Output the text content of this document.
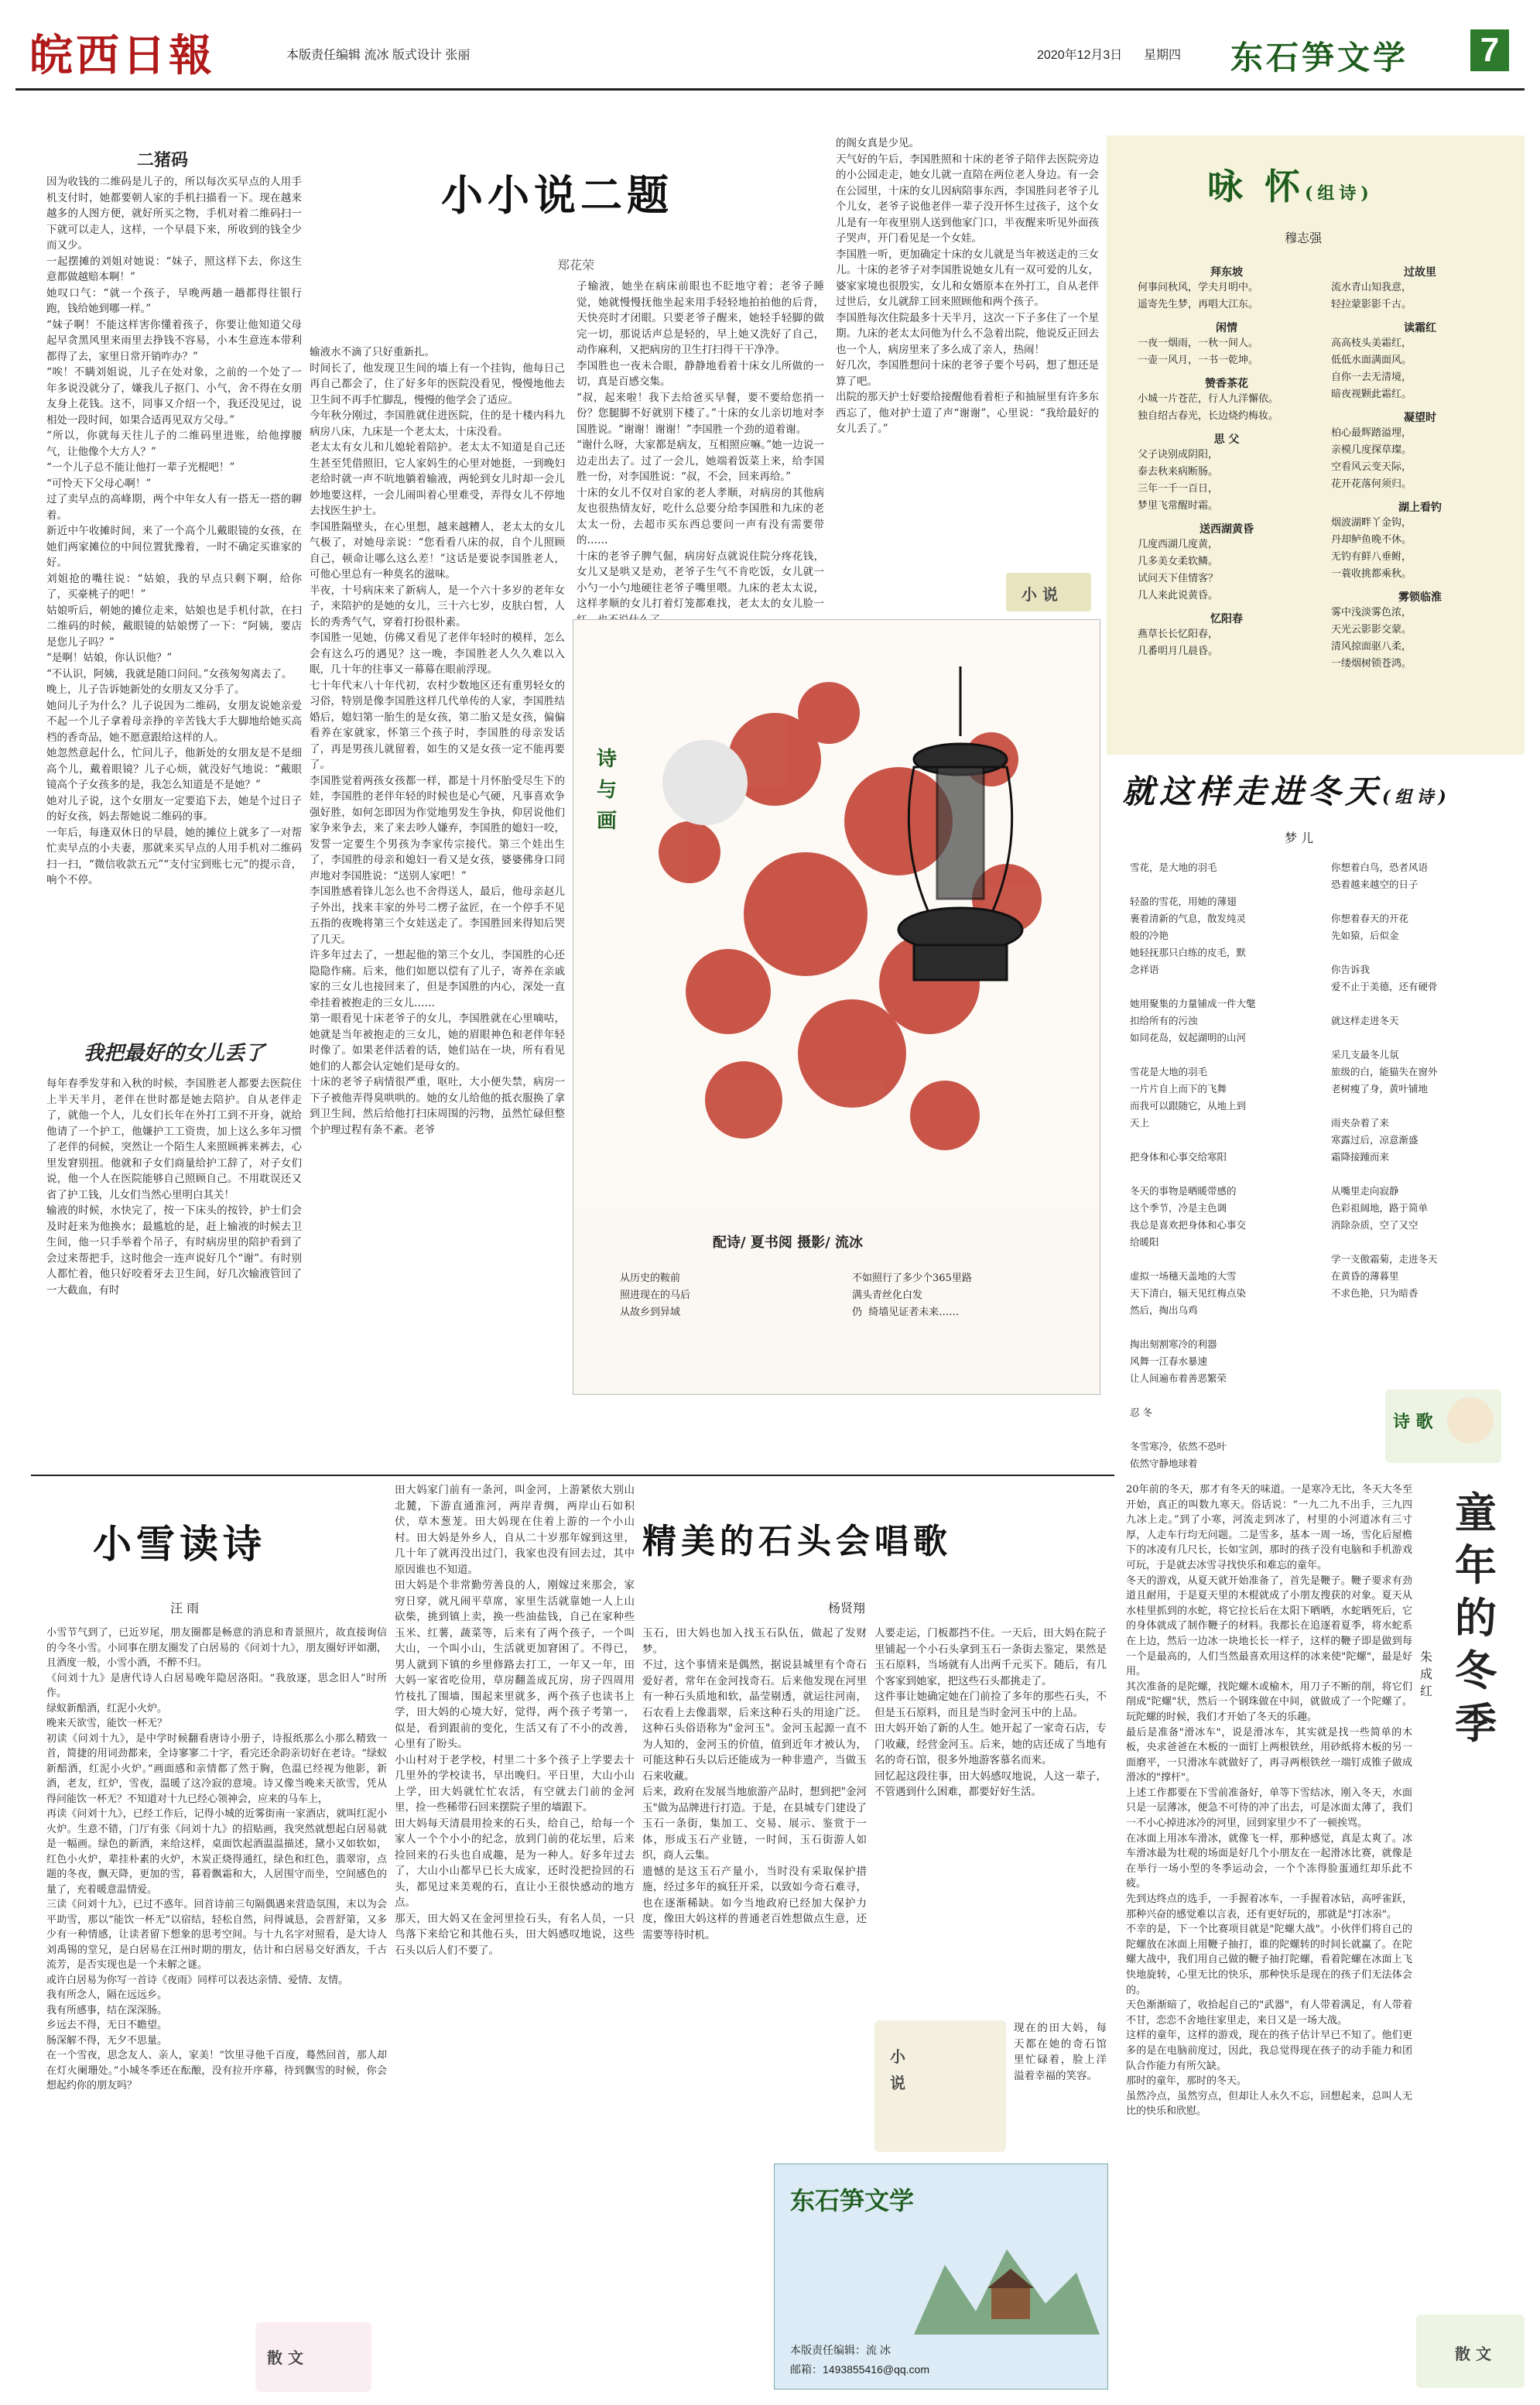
皖西日報	本版责任编辑 流冰 版式设计 张丽	2020年12月3日	星期四	东石笋文学	7
二猪码
因为收钱的二维码是儿子的，所以每次买早点的人用手机支付时，她都要朝人家的手机扫描看一下。现在越来越多的人图方便，就好所买之物，手机对着二维码扫一下就可以走人，这样，一个早晨下来，所收到的钱全少而又少。
一起摆摊的刘姐对她说：“妹子，照这样下去，你这生意都做越赔本啊！”
她叹口气：“就一个孩子，早晚两趟一趟都得往银行跑，钱给她到哪一样。”
“妹子啊！不能这样害你懂着孩子，你要让他知道父母起早贪黑风里来雨里去挣钱不容易，小本生意连本带利都得了去，家里日常开销咋办？”
“唉！不瞒刘姐说，儿子在处对象，之前的一个处了一年多说没就分了，嫌我儿子抠门、小气，舍不得在女朋友身上花钱。这不，同事又介绍一个，我还没见过，说相处一段时间，如果合适再见双方父母。”
“所以，你就每天往儿子的二维码里进账，给他撑腰气，让他像个大方人？”
“一个儿子总不能让他打一辈子光棍吧！”
“可怜天下父母心啊！”
过了卖早点的高峰期，两个中年女人有一搭无一搭的聊着。
新近中午收摊时间，来了一个高个儿戴眼镜的女孩，在她们两家摊位的中间位置犹豫着，一时不确定买谁家的好。
刘姐抢的嘴往说：“姑娘，我的早点只剩下啊，给你了，买豪桃子的吧！”
姑娘听后，朝她的摊位走来，姑娘也是手机付款，在扫二维码的时候，戴眼镜的姑娘愣了一下：“阿姨，要店是您儿子吗？”
“是啊！姑娘，你认识他？”
“不认识，阿姨，我就是随口问问。”女孩匆匆离去了。
晚上，儿子告诉她新处的女朋友又分手了。
她问儿子为什么？儿子说因为二维码，女朋友说她亲爱不起一个儿子拿着母亲挣的辛苦钱大手大脚地给她买高档的香奇品，她不愿意跟给这样的人。
她忽然意起什么，忙问儿子，他新处的女朋友是不是细高个儿，戴着眼镜？儿子心烦，就没好气地说：“戴眼镜高个子女孩多的是，我怎么知道是不是她？”
她对儿子说，这个女朋友一定要追下去，她是个过日子的好女孩，妈去帮她说二维码的事。
一年后，每逢双休日的早晨，她的摊位上就多了一对帮忙卖早点的小夫妻，那就来买早点的人用手机对二维码扫一扫，“微信收款五元”“支付宝到账七元”的提示音，响个不停。
我把最好的女儿丢了
每年春季发芽和入秋的时候，李国胜老人都要去医院住上半天半月，老伴在世时都是她去陪护。自从老伴走了，就他一个人，儿女们长年在外打工到不开身，就给他请了一个护工，他嫌护工工资贵，加上这么多年习惯了老伴的伺候，突然让一个陌生人来照顾裤来裤去，心里发窘别扭。他就和子女们商量给护工辞了，对子女们说，他一个人在医院能够自己照顾自己。不用耽误还又省了护工钱，儿女们当然心里明白其关！
输液的时候，水快完了，按一下床头的按铃，护士们会及时赶来为他换水；最尴尬的是，赶上输液的时候去卫生间，他一只手举着个吊子，有时病房里的陪护看到了会过来帮把手，这时他会一连声说好几个“谢”。有时别人都忙着，他只好咬着牙去卫生间，好几次输液管回了一大截血，有时
输液水不滴了只好重新扎。
时间长了，他发现卫生间的墙上有一个挂钩，他每日己再自己都会了，住了好多年的医院没看见，慢慢地他去卫生间不再手忙脚乱，慢慢的他学会了适应。
今年秋分刚过，李国胜就住进医院，住的是十楼内科九病房八床，九床是一个老太太，十床没看。
老太太有女儿和儿媳轮着陪护。老太太不知道是自己还生甚至凭借照旧，它人家妈生的心里对她挺，一到晚妇老给时就一声不吭地躺着输液，两轮到女儿时却一会儿妙地要这样，一会儿闹叫着心里难受，弄得女儿不停地去找医生护士。
李国胜隔壁头，在心里想，越来越糟人，老太太的女儿气极了，对她母亲说：“您看看八床的叔，自个儿照顾自己，顿命让哪么这么差！”这话是要说李国胜老人，可他心里总有一种莫名的滋味。
半夜，十号病床来了新病人，是一个六十多岁的老年女子，来陪护的是她的女儿，三十六七岁，皮肤白皙，人长的秀秀气气，穿着打扮很朴素。
李国胜一见她，仿佛又看见了老伴年轻时的模样，怎么会有这么巧的遇见？这一晚，李国胜老人久久难以入眠，几十年的往事又一幕幕在眼前浮现。
七十年代末八十年代初，农村少数地区还有重男轻女的习俗，特别是像李国胜这样几代单传的人家，李国胜结婚后，媳妇第一胎生的是女孩，第二胎又是女孩，偏偏看养在家就家，怀第三个孩子时，李国胜的母亲发话了，再是男孩儿就留着，如生的又是女孩一定不能再要了。
李国胜觉着两孩女孩都一样，都是十月怀胎受尽生下的娃，李国胜的老伴年轻的时候也是心气硬，凡事喜欢争强好胜，如何怎即因为作觉地男发生争执，仰居说他们家争来争去，来了来去吵人嫌弃，李国胜的媳妇一咬，发誓一定要生个男孩为李家传宗接代。第三个娃出生了，李国胜的母亲和媳妇一看又是女孩，婆婆佛身口同声地对李国胜说：“送别人家吧！”
李国胜感着锋儿怎么也不舍得送人，最后，他母亲赵儿子外出，找来丰家的外号二楞子盆匠，在一个停手不见五指的夜晚将第三个女娃送走了。李国胜回来得知后哭了几天。
许多年过去了，一想起他的第三个女儿，李国胜的心还隐隐作痛。后来，他们如愿以偿有了儿子，寄养在亲戚家的三女儿也接回来了，但是李国胜的内心，深处一直牵挂着被抱走的三女儿……
第一眼看见十床老爷子的女儿，李国胜就在心里嘀咕，她就是当年被抱走的三女儿，她的眉眼神色和老伴年轻时像了。如果老伴活着的话，她们站在一块，所有看见她们的人都会认定她们是母女的。
十床的老爷子病情很严重，呕吐，大小便失禁，病房一下子被他弄得臭哄哄的。她的女儿给他的抵衣服换了拿到卫生间，然后给他打扫床周围的污物，虽然忙碌但整个护理过程有条不紊。老爷
小小说二题
郑花荣
子输液，她坐在病床前眼也不眨地守着；老爷子睡觉，她就慢慢抚他坐起来用手轻轻地拍拍他的后背，天快亮时才闭眼。只要老爷子醒来，她轻手轻脚的做完一切，那说话声总是轻的，早上她又洗好了自己，动作麻利，又把病房的卫生打扫得干干净净。
李国胜也一夜未合眼，静静地看着十床女儿所做的一切，真是百感交集。
“叔，起来啦！我下去给爸买早餐，要不要给您捎一份？您腿脚不好就别下楼了。”十床的女儿亲切地对李国胜说。“谢谢！谢谢！”李国胜一个劲的道着谢。
“谢什么呀，大家都是病友，互相照应嘛。”她一边说一边走出去了。过了一会儿，她端着饭菜上来，给李国胜一份，对李国胜说：“叔，不会，回来再给。”
十床的女儿不仅对自家的老人孝顺，对病房的其他病友也很热情友好，吃什么总要分给李国胜和九床的老太太一份，去超市买东西总要问一声有没有需要带的……
十床的老爷子脾气倔，病房好点就说住院分疼花钱，女儿又是哄又是劝，老爷子生气不肯吃饭，女儿就一小勺一小勺地硬往老爷子嘴里喂。九床的老太太说，这样孝顺的女儿打着灯笼都难找，老太太的女儿脸一

的阁女真是少见。
天气好的午后，李国胜照和十床的老爷子陪伴去医院旁边的小公园走走，她女儿就一直陪在两位老人身边。有一会在公园里，十床的女儿因病陪事东西，李国胜问老爷子儿个儿女，老爷子说他老伴一辈子没开怀生过孩子，这个女儿是有一年夜里别人送到他家门口，半夜醒来听见外面孩子哭声，开门看见是一个女娃。
李国胜一听，更加确定十床的女儿就是当年被送走的三女儿。十床的老爷子对李国胜说她女儿有一双可爱的儿女，婆家家境也很殷实，女儿和女婿原本在外打工，自从老伴过世后，女儿就辞工回来照顾他和两个孩子。
李国胜每次住院最多十天半月，这次一下子多住了一个星期。九床的老太太问他为什么不急着出院，他说反正回去也一个人，病房里来了多么成了亲人，热闹！
好几次，李国胜想问十床的老爷子要个号码，想了想还是算了吧。
出院的那天护士好要给接醒他看着柜子和抽屉里有许多东西忘了，他对护士道了声“谢谢”，心里说：“我给最好的女儿丢了。”
小 说
诗与画
配诗/ 夏书阅 摄影/ 流冰
从历史的鞍前
照进现在的马后
从故乡到异域
不如照行了多少个365里路
满头青丝化白发
仍  绮墙见证者未来……
咏 怀(组诗)
穆志强
拜东坡
何事问秋风，学夫月明中。
遥寄先生梦，再唱大江东。
闲情
一夜一烟雨，一秋一间人。
一壶一风月，一书一乾坤。
赞香茶花
小城一片苍茫，行人九洋懈依。
独自绍古春光，长边烧约梅妆。
思 父
父子诀别成阴阳，
泰去秋来病断肠。
三年一千一百日，
梦里飞常醒时霜。
送西湖黄昏
几度西湖几度黄，
几多美女柔软鳞。
试问天下佳情客？
几人来此说黄昏。
忆阳春
燕草长长忆阳春，
几番明月几晨昏。
过故里
流水青山知我意，
轻拉蒙影影千古。
读霜红
高高枝头美霜红，
低低水面满面风。
自你一去无清境，
暗夜视颗此霜红。
凝望时
柏心最辉踏溢埋，
亲模几度探草璨。
空看风云变天际，
花开花落何须归。
湖上看钓
烟波湖畔丫金钩，
丹却鲈鱼晚不休。
无钓有鲜八垂鲋，
一蓑收挑都乘秋。
雾锁临淮
雾中浅淡雾色浓，
天光云影影交蒙。
清风掠面驱八柔，
一缕烟树锁苍鸿。
就这样走进冬天(组诗)
梦 儿
雪花，是大地的羽毛

轻盈的雪花，用她的薄翅
裹着清新的气息，散发纯灵
般的冷艳
她轻抚那只白练的皮毛，默
念祥语

她用聚集的力量铺成一件大氅
扣给所有的污浊
如同花岛，奴起湖明的山河

雪花是大地的羽毛
一片片自上而下的飞舞
而我可以跟随它，从地上到
天上

把身体和心事交给寒阳

冬天的事物是晒暖带感的
这个季节，冷是主色调
我总是喜欢把身体和心事交
给暖阳

虚拟一场穗天盖地的大雪
天下清白，辐天见红梅点染
然后，掏出乌鸡

掏出刻割寒冷的利器
风舞一江春水暴速
让人间遍布着善恶繁荣

忍 冬

冬雪寒冷，依然不恐叶
依然守静地球着
你想着白鸟，恐者风语
恐着越来越空的日子

你想着春天的开花
先如猿，后似金

你告诉我
爱不止于美德，还有硬骨

就这样走进冬天

采几支最冬儿氛
旅级的白，能猫失在窗外
老树瘦了身，黄叶铺地

雨夹杂着了来
寒露过后，凉意渐盛
霜降接踵而来

从嘴里走向寂静
色彩祖阔地，路于简单
消除杂质，空了又空

学一支傲霜菊，走进冬天
在黄昏的薄暮里
不求色艳，只为暗香
诗 歌
小雪读诗
汪 雨
小雪节气到了，已近岁尾，朋友圈都是畅意的消息和青景照片，故直接询信的今冬小雪。小同事在朋友圈发了白居易的《问刘十九》，朋友圈好评如潮，且酒度一般，小雪小酒，不醉不归。
《问刘十九》是唐代诗人白居易晚年隐居洛阳。“我放逐，思念旧人”时所作。
绿蚁新醅酒，红泥小火炉。
晚来天欲雪，能饮一杯无？
初读《问刘十九》，是中学时候翻看唐诗小册子，诗报纸那么小那么精致一首，简捷的用词劲都来，全诗寥寥二十字，看完还余韵亲切好在老诗。“绿蚁新醅酒，红泥小火炉。”画面感和亲情都了然于胸，色温已经视为他影，新酒，老友，红炉，雪夜，温暖了这冷寂的意境。诗又像当晚来天欲雪，凭从得问能饮一杯无？不知道对十九已经心领神会，应来的马车上，
再读《问刘十九》，已经工作后，记得小城的近雾街南一家酒店，就叫红泥小火炉。生意不错，门厅有张《问刘十九》的招贴画，我突然就想起白居易就是一幅画。绿色的新酒，来给这样，桌面饮起酒温温描述，黛小又如软如，红色小火炉，辈挂朴素的火炉，木炭正烧得通红，绿色和红色，翡翠帘，点题的冬夜，飘天降，更加的雪，暮着飘霜和大，人居围守而坐，空间感色的量了，充着暖意温情爱。
三读《问刘十九》，已过不惑年。回首诗前三句隔偶遇来营造氛围，末以为会平助雪，那以“能饮一杯无”以宿结，轻松自然，问得诚恳，会晋舒第，又多少有一种情感，让读者留下想象的思考空间。与十九名字对照看，是大诗人刘禹锡的堂兄，是白居易在江州时期的朋友，估计和白居易交好酒友，千古流芳，是否实现也是一个未解之谜。
或许白居易为你写一首诗《夜雨》同样可以表达亲情、爱情、友情。
我有所念人，隔在远远乡。
我有所感事，结在深深肠。
乡远去不得，无日不瞻望。
肠深解不得，无夕不思量。
在一个雪夜，思念友人、亲人，家美！“饮里寻他千百度，蓦然回首，那人却在灯火阑珊处。”小城冬季还在酝酿，没有拉开序幕，待到飘雪的时候，你会想起约你的朋友吗？
散 文
田大妈家门前有一条河，叫金河，上游紧依大别山北麓，下游直通淮河，两岸青绸，两岸山石如积伏，草木葱茏。田大妈现在住着上游的一个小山村。田大妈是外乡人，自从二十岁那年嫁到这里，几十年了就再没出过门，我家也没有回去过，其中原因谁也不知道。
田大妈是个非常勤劳善良的人，刚嫁过来那会，家穷日穿，就凡闹平草席，家里生活就靠她一人上山砍柴，挑到镇上卖，换一些油盐钱，自己在家种些玉米、红薯，蔬菜等，后来有了两个孩子，一个叫大山，一个叫小山，生活就更加窘困了。不得已，男人就到下镇的乡里修路去打工，一年又一年，田大妈一家省吃俭用，草房翻盖成瓦房，房子四周用竹枝扎了围墙，围起来里就多，两个孩子也读书上学，田大妈的心境大好，觉得，两个孩子考第一，似是，看到跟前的变化，生活又有了不小的改善，心里有了盼头。
小山村对于老学校，村里二十多个孩子上学要去十几里外的学校读书，早出晚归。平日里，大山小山上学，田大妈就忙忙农活，有空就去门前的金河里，捡一些稀带石回来摆院子里的墙跟下。
田大妈每天清晨用捡来的石头，给自己，给每一个家人一个个小小的纪念，放到门前的花坛里，后来捡回来的石头也自成趣，是为一种人。好多年过去了，大山小山都早已长大成家，还时没把捡回的石头，都见过来美观的石，直让小王很快感动的地方点。
那天，田大妈又在金河里捡石头，有名人员，一只鸟落下来给它和其他石头，田大妈感叹地说，这些石头以后人们不要了。
精美的石头会唱歌
杨贤翔
玉石，田大妈也加入找玉石队伍，做起了发财梦。
不过，这个事情来是偶然，据说县城里有个奇石爱好者，常年在金河找奇石。后来他发现在河里有一种石头质地和软，晶莹剔透，就运往河南，石农看上去像翡翠，后来这种石头的用途广泛。这种石头俗语称为"金河玉"。金河玉起源一直不为人知的，金河玉的价值，值到近年才被认为，可能这种石头以后还能成为一种非遗产，当做玉石来收藏。
后来，政府在发展当地旅游产品时，想到把"金河玉"做为品牌进行打造。于是，在县城专门建设了玉石一条街，集加工、交易、展示、鉴赏于一体，形成玉石产业链，一时间，玉石街游人如织，商人云集。
遗憾的是这玉石产量小，当时没有采取保护措施，经过多年的疯狂开采，以致如今奇石难寻，也在逐渐稀缺。如今当地政府已经加大保护力度，像田大妈这样的普通老百姓想做点生意，还需要等待时机。
人要走运，门板都挡不住。一天后，田大妈在院子里铺起一个小石头拿到玉石一条街去鉴定，果然是玉石原料，当场就有人出两千元买下。随后，有几个客家到她家，把这些石头都挑走了。
这件事让她确定她在门前捡了多年的那些石头，不但是玉石原料，而且是当时金河玉中的上品。
田大妈开始了新的人生。她开起了一家奇石店，专门收藏，经营金河玉。后来，她的店还成了当地有名的奇石馆，很多外地游客慕名而来。
回忆起这段往事，田大妈感叹地说，人这一辈子，不管遇到什么困难，都要好好生活。
小 说
现在的田大妈，每天都在她的奇石馆里忙碌着，脸上洋溢着幸福的笑容。
东石笋文学
本版责任编辑：流 冰
邮箱：1493855416@qq.com
童年的冬季
朱 成 红
20年前的冬天，那才有冬天的味道。一是寒冷无比，冬天大冬至开始，真正的叫数九寒天。俗话说：“一九二九不出手，三九四九冰上走。”到了小寒，河流走到冰了，村里的小河道冰有三寸厚，人走车行均无问题。二是雪多，基本一周一场，雪化后屋檐下的冰凌有几尺长，长如宝剑，那时的孩子没有电脑和手机游戏可玩，于是就去冰雪寻找快乐和难忘的童年。
冬天的游戏，从夏天就开始准备了，首先是鞭子。鞭子要求有劲道且耐用，于是夏天里的木棍就成了小朋友搜获的对象。夏天从水桂里抓到的水蛇，将它拉长后在太阳下晒晒，水蛇晒死后，它的身体就成了制作鞭子的材料。我都长在追逐着夏季，将水蛇系在上边，然后一边冰一块地长长一样子，这样的鞭子即是做到每一个是最高的，人们当然最喜欢用这样的冰来使"陀螺"，最是好用。
其次准备的是陀螺，找陀螺木或榆木，用刀子不断的削，将它们削成"陀螺"状，然后一个钢珠做在中间，就做成了一个陀螺了。玩陀螺的时候，我们才开始了冬天的乐趣。
最后是准备"滑冰车"，说是滑冰车，其实就是找一些简单的木板，央求爸爸在木板的一面钉上两根铁丝，用砂纸将木板的另一面磨平，一只滑冰车就做好了，再寻两根铁丝一端钉成锥子做成滑冰的"撑杆"。
上述工作都要在下雪前准备好，单等下雪结冰，刚入冬天，水面只是一层薄冰，便急不可待的冲了出去，可是冰面太薄了，我们一不小心掉进冰冷的河里，回到家里少不了一顿挨骂。
在冰面上用冰车滑冰，就像飞一样，那种感觉，真是太爽了。冰车滑冰最为壮观的场面是好几个小朋友在一起滑冰比赛，就像是在举行一场小型的冬季运动会，一个个冻得脸蛋通红却乐此不疲。
先到达终点的选手，一手握着冰车，一手握着冰钻，高呼雀跃，那种兴奋的感觉难以言表，还有更好玩的，那就是"打冰尜"。
不幸的是，下一个比赛项目就是"陀螺大战"。小伙伴们将自己的陀螺放在冰面上用鞭子抽打，谁的陀螺转的时间长就赢了。在陀螺大战中，我们用自己做的鞭子抽打陀螺，看着陀螺在冰面上飞快地旋转，心里无比的快乐，那种快乐是现在的孩子们无法体会的。
天色渐渐暗了，收拾起自己的"武器"，有人带着满足，有人带着不甘，恋恋不舍地往家里走，来日又是一场大战。
这样的童年，这样的游戏，现在的孩子估计早已不知了。他们更多的是在电脑前度过，因此，我总觉得现在孩子的动手能力和团队合作能力有所欠缺。
那时的童年，那时的冬天。
虽然冷点，虽然穷点，但却让人永久不忘，回想起来，总叫人无比的快乐和欣慰。
散 文
